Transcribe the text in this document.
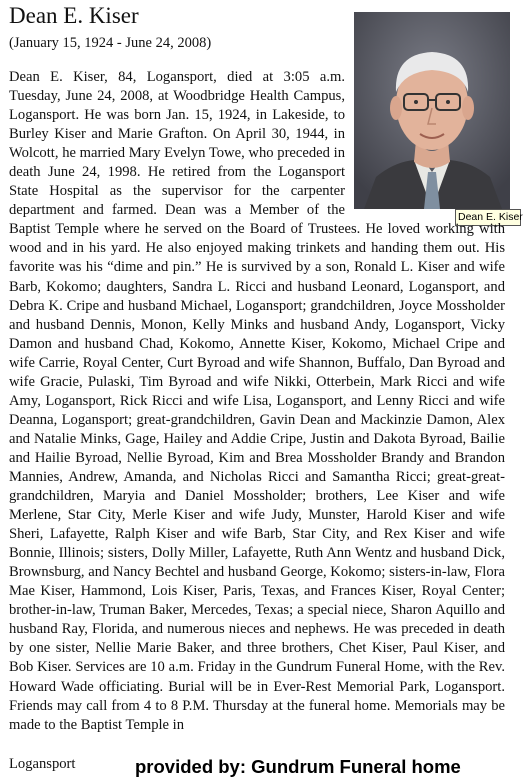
Dean E. Kiser
(January 15, 1924 - June 24, 2008)
Dean E. Kiser

Dean E. Kiser, 84, Logansport, died at 3:05 a.m. Tuesday, June 24, 2008, at Woodbridge Health Campus, Logansport. He was born Jan. 15, 1924, in Lakeside, to Burley Kiser and Marie Grafton. On April 30, 1944, in Wolcott, he married Mary Evelyn Towe, who preceded in death June 24, 1998. He retired from the Logansport State Hospital as the supervisor for the carpenter department and farmed. Dean was a Member of the Baptist Temple where he served on the Board of Trustees. He loved working with wood and in his yard. He also enjoyed making trinkets and handing them out. His favorite was his “dime and pin.” He is survived by a son, Ronald L. Kiser and wife Barb, Kokomo; daughters, Sandra L. Ricci and husband Leonard, Logansport, and Debra K. Cripe and husband Michael, Logansport; grandchildren, Joyce Mossholder and husband Dennis, Monon, Kelly Minks and husband Andy, Logansport, Vicky Damon and husband Chad, Kokomo, Annette Kiser, Kokomo, Michael Cripe and wife Carrie, Royal Center, Curt Byroad and wife Shannon, Buffalo, Dan Byroad and wife Gracie, Pulaski, Tim Byroad and wife Nikki, Otterbein, Mark Ricci and wife Amy, Logansport, Rick Ricci and wife Lisa, Logansport, and Lenny Ricci and wife Deanna, Logansport; great-grandchildren, Gavin Dean and Mackinzie Damon, Alex and Natalie Minks, Gage, Hailey and Addie Cripe, Justin and Dakota Byroad, Bailie and Hailie Byroad, Nellie Byroad, Kim and Brea Mossholder Brandy and Brandon Mannies, Andrew, Amanda, and Nicholas Ricci and Samantha Ricci; great-great-grandchildren, Maryia and Daniel Mossholder; brothers, Lee Kiser and wife Merlene, Star City, Merle Kiser and wife Judy, Munster, Harold Kiser and wife Sheri, Lafayette, Ralph Kiser and wife Barb, Star City, and Rex Kiser and wife Bonnie, Illinois; sisters, Dolly Miller, Lafayette, Ruth Ann Wentz and husband Dick, Brownsburg, and Nancy Bechtel and husband George, Kokomo; sisters-in-law, Flora Mae Kiser, Hammond, Lois Kiser, Paris, Texas, and Frances Kiser, Royal Center; brother-in-law, Truman Baker, Mercedes, Texas; a special niece, Sharon Aquillo and husband Ray, Florida, and numerous nieces and nephews. He was preceded in death by one sister, Nellie Marie Baker, and three brothers, Chet Kiser, Paul Kiser, and Bob Kiser. Services are 10 a.m. Friday in the Gundrum Funeral Home, with the Rev. Howard Wade officiating. Burial will be in Ever-Rest Memorial Park, Logansport. Friends may call from 4 to 8 P.M. Thursday at the funeral home. Memorials may be made to the Baptist Temple in

Logansport	provided by: Gundrum Funeral home
